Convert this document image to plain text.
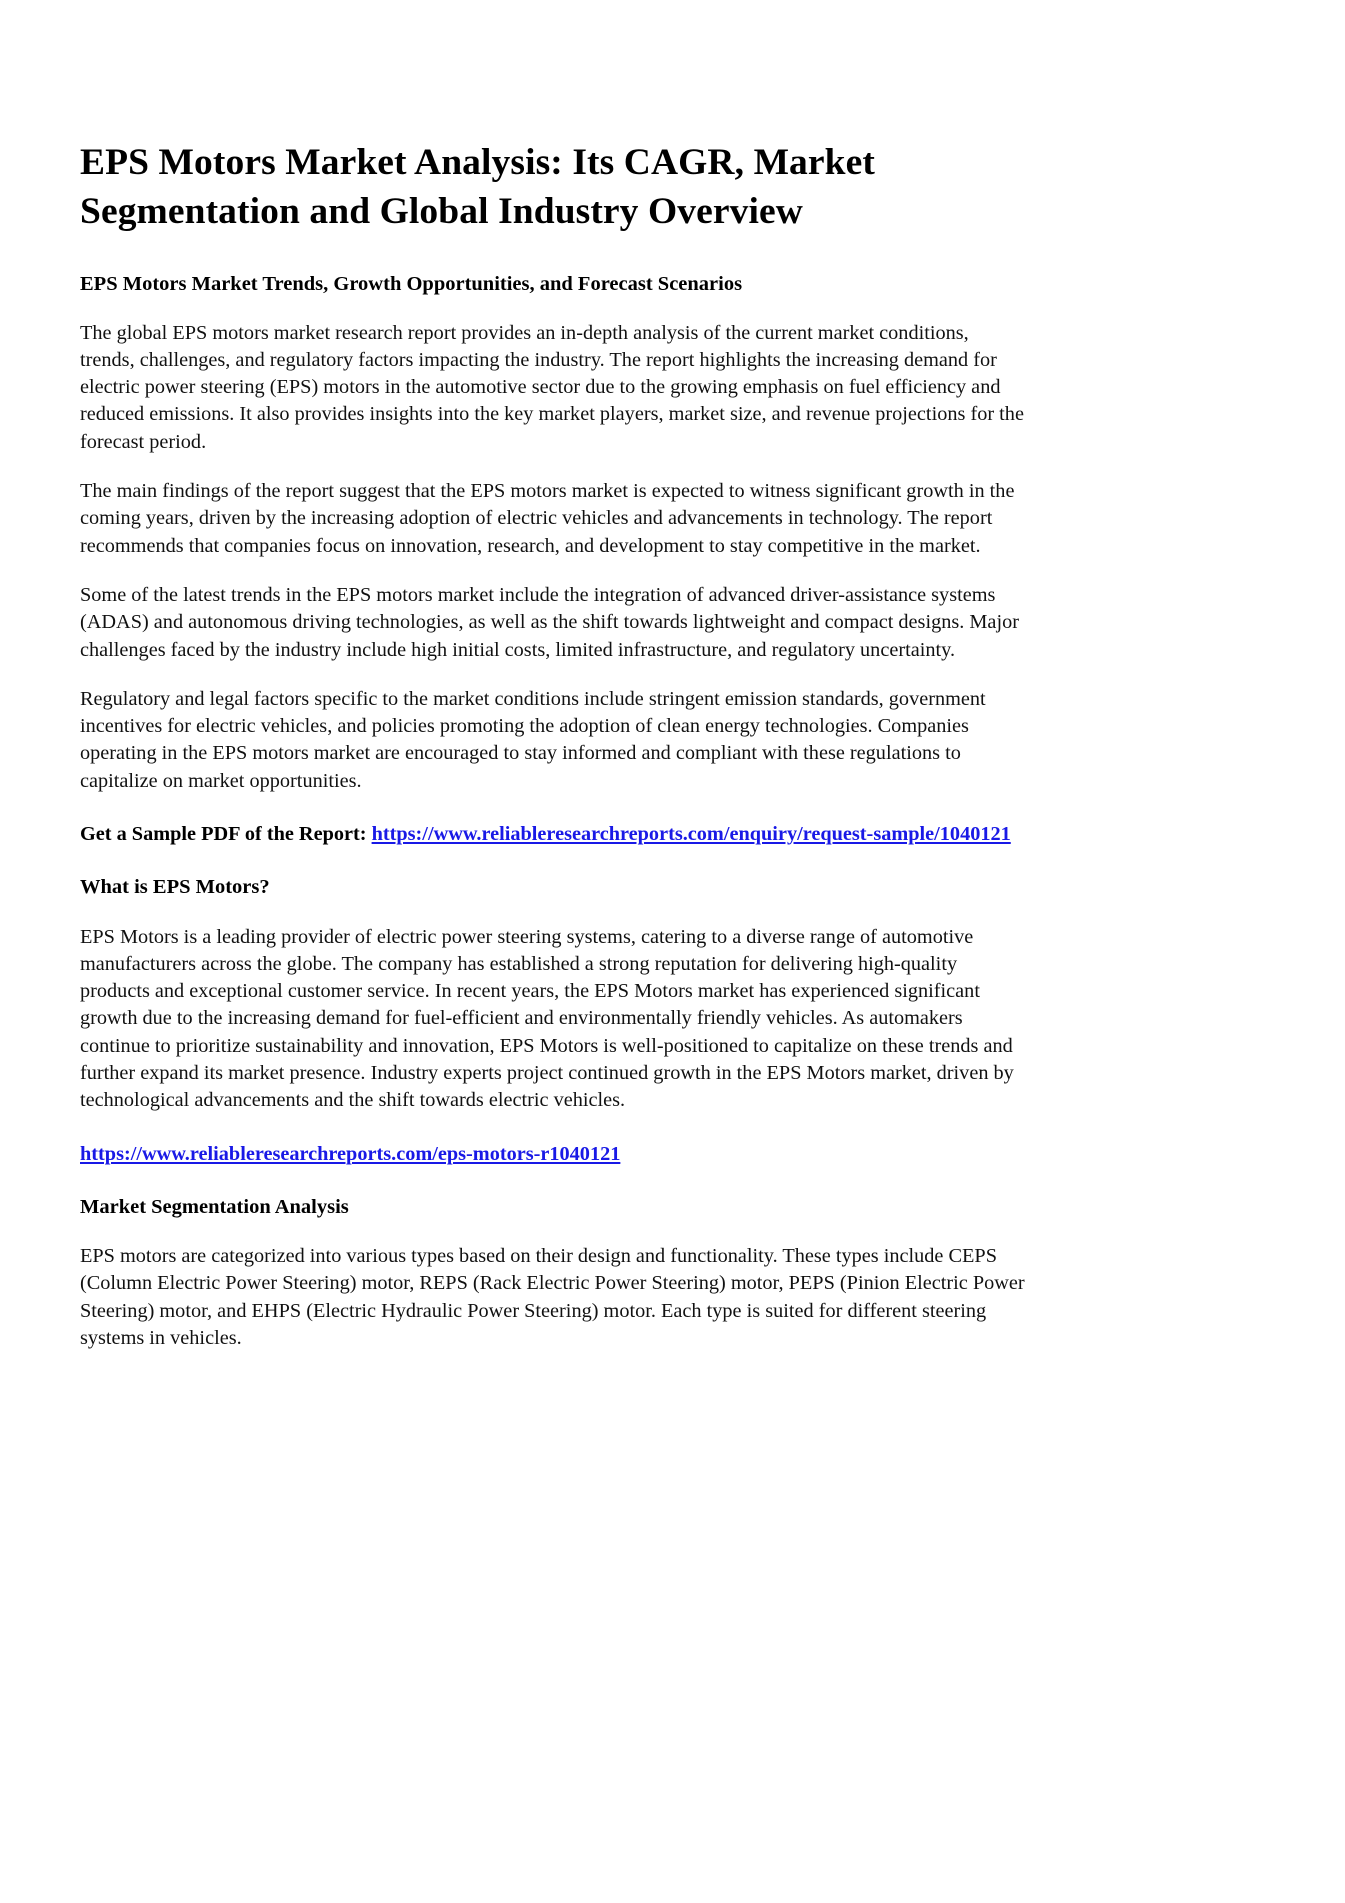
EPS Motors Market Analysis: Its CAGR, Market Segmentation and Global Industry Overview
EPS Motors Market Trends, Growth Opportunities, and Forecast Scenarios

The global EPS motors market research report provides an in-depth analysis of the current market conditions, trends, challenges, and regulatory factors impacting the industry. The report highlights the increasing demand for electric power steering (EPS) motors in the automotive sector due to the growing emphasis on fuel efficiency and reduced emissions. It also provides insights into the key market players, market size, and revenue projections for the forecast period.

The main findings of the report suggest that the EPS motors market is expected to witness significant growth in the coming years, driven by the increasing adoption of electric vehicles and advancements in technology. The report recommends that companies focus on innovation, research, and development to stay competitive in the market.

Some of the latest trends in the EPS motors market include the integration of advanced driver-assistance systems (ADAS) and autonomous driving technologies, as well as the shift towards lightweight and compact designs. Major challenges faced by the industry include high initial costs, limited infrastructure, and regulatory uncertainty.

Regulatory and legal factors specific to the market conditions include stringent emission standards, government incentives for electric vehicles, and policies promoting the adoption of clean energy technologies. Companies operating in the EPS motors market are encouraged to stay informed and compliant with these regulations to capitalize on market opportunities.

Get a Sample PDF of the Report: https://www.reliableresearchreports.com/enquiry/request-sample/1040121

What is EPS Motors?

EPS Motors is a leading provider of electric power steering systems, catering to a diverse range of automotive manufacturers across the globe. The company has established a strong reputation for delivering high-quality products and exceptional customer service. In recent years, the EPS Motors market has experienced significant growth due to the increasing demand for fuel-efficient and environmentally friendly vehicles. As automakers continue to prioritize sustainability and innovation, EPS Motors is well-positioned to capitalize on these trends and further expand its market presence. Industry experts project continued growth in the EPS Motors market, driven by technological advancements and the shift towards electric vehicles.

https://www.reliableresearchreports.com/eps-motors-r1040121

Market Segmentation Analysis

EPS motors are categorized into various types based on their design and functionality. These types include CEPS (Column Electric Power Steering) motor, REPS (Rack Electric Power Steering) motor, PEPS (Pinion Electric Power Steering) motor, and EHPS (Electric Hydraulic Power Steering) motor. Each type is suited for different steering systems in vehicles.
